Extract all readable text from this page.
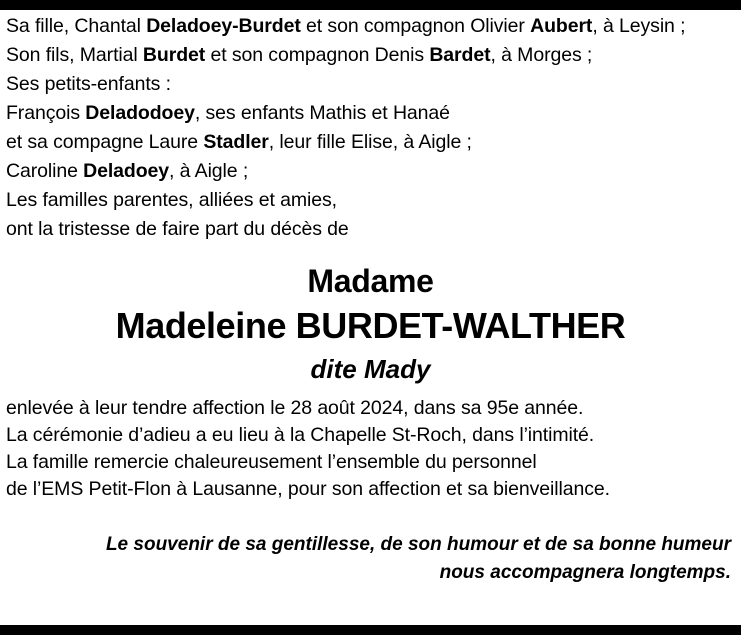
Sa fille, Chantal Deladoey-Burdet et son compagnon Olivier Aubert, à Leysin ;
Son fils, Martial Burdet et son compagnon Denis Bardet, à Morges ;
Ses petits-enfants :
François Deladodoey, ses enfants Mathis et Hanaé
et sa compagne Laure Stadler, leur fille Elise, à Aigle ;
Caroline Deladoey, à Aigle ;
Les familles parentes, alliées et amies,
ont la tristesse de faire part du décès de
Madame
Madeleine BURDET-WALTHER
dite Mady
enlevée à leur tendre affection le 28 août 2024, dans sa 95e année.
La cérémonie d’adieu a eu lieu à la Chapelle St-Roch, dans l’intimité.
La famille remercie chaleureusement l’ensemble du personnel
de l’EMS Petit-Flon à Lausanne, pour son affection et sa bienveillance.
Le souvenir de sa gentillesse, de son humour et de sa bonne humeur
nous accompagnera longtemps.
